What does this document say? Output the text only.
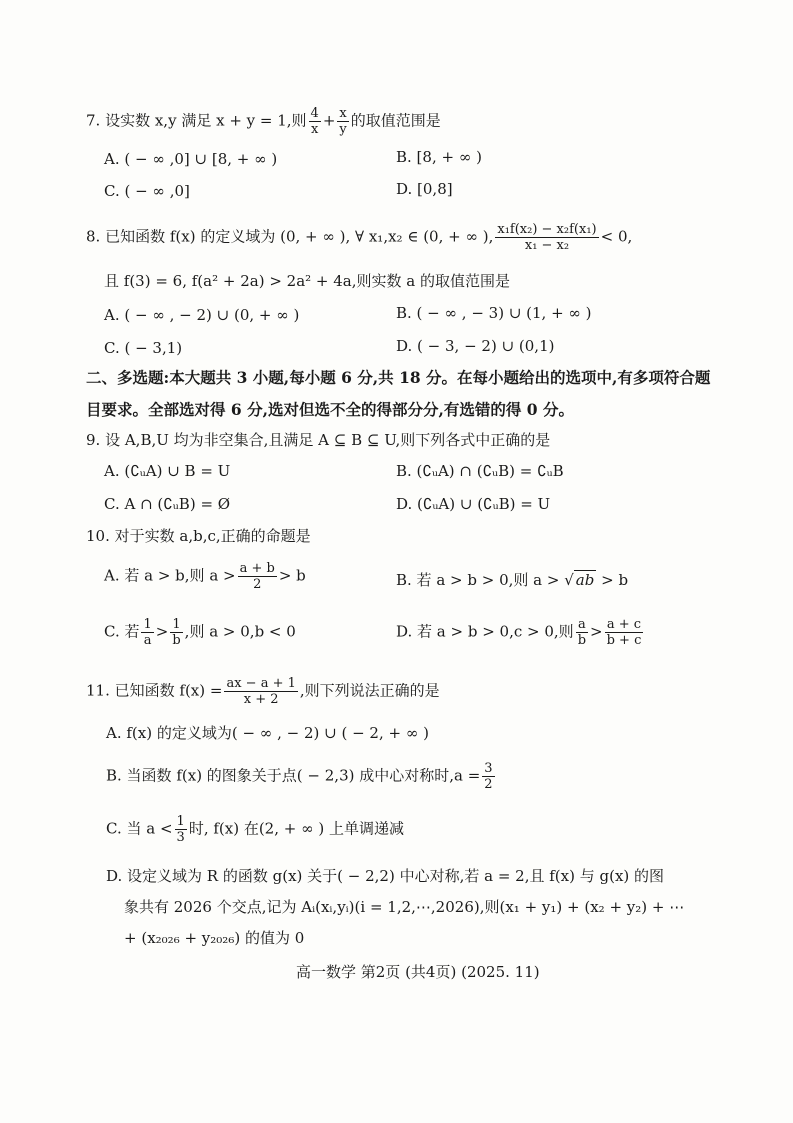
7. 设实数 x,y 满足 x + y = 1,则 $\frac{4}{x} + \frac{x}{y}$ 的取值范围是
A. ( − ∞ ,0] ∪ [8, + ∞ )	B. [8, + ∞ )
C. ( − ∞ ,0]	D. [0,8]
8. 已知函数 f(x) 的定义域为 (0, + ∞ ), ∀ x₁,x₂ ∈ (0, + ∞ ), $\frac{\text{x₁f(x₂) − x₂f(x₁)}}{\text{x₁ − x₂}} < 0$,
且 f(3) = 6, f(a² + 2a) > 2a² + 4a,则实数 a 的取值范围是
A. ( − ∞ , − 2) ∪ (0, + ∞ )	B. ( − ∞ , − 3) ∪ (1, + ∞ )
C. ( − 3,1)	D. ( − 3, − 2) ∪ (0,1)
二、多选题:本大题共 3 小题,每小题 6 分,共 18 分。在每小题给出的选项中,有多项符合题
目要求。全部选对得 6 分,选对但选不全的得部分分,有选错的得 0 分。
9. 设 A,B,U 均为非空集合,且满足 A ⊆ B ⊆ U,则下列各式中正确的是
A. (∁ᵤA) ∪ B = U	B. (∁ᵤA) ∩ (∁ᵤB) = ∁ᵤB
C. A ∩ (∁ᵤB) = Ø	D. (∁ᵤA) ∪ (∁ᵤB) = U
10. 对于实数 a,b,c,正确的命题是
A. 若 a > b,则 $a > \frac{a + b}{2} > b$	B. 若 a > b > 0,则 a > √ ab > b
C. 若 $\frac{1}{a} > \frac{1}{b}$ ,则 a > 0,b < 0	D. 若 a > b > 0,c > 0,则 $\frac{a}{b} > \frac{a + c}{b + c}$
11. 已知函数 $f(x) = \frac{ax - a + 1}{x + 2}$ ,则下列说法正确的是
A. f(x) 的定义域为( − ∞ , − 2) ∪ ( − 2, + ∞ )
B. 当函数 f(x) 的图象关于点( − 2,3) 成中心对称时$,a = \frac{3}{2}$
C. 当 $a < \frac{1}{3}$ 时, f(x) 在(2, + ∞ ) 上单调递减
D. 设定义域为 R 的函数 g(x) 关于( − 2,2) 中心对称,若 a = 2,且 f(x) 与 g(x) 的图
象共有 2026 个交点,记为 Aᵢ(xᵢ,yᵢ)(i = 1,2,⋯,2026),则(x₁ + y₁) + (x₂ + y₂) + ⋯
+ (x₂₀₂₆ + y₂₀₂₆) 的值为 0
高一数学 第2页 (共4页) (2025. 11)
